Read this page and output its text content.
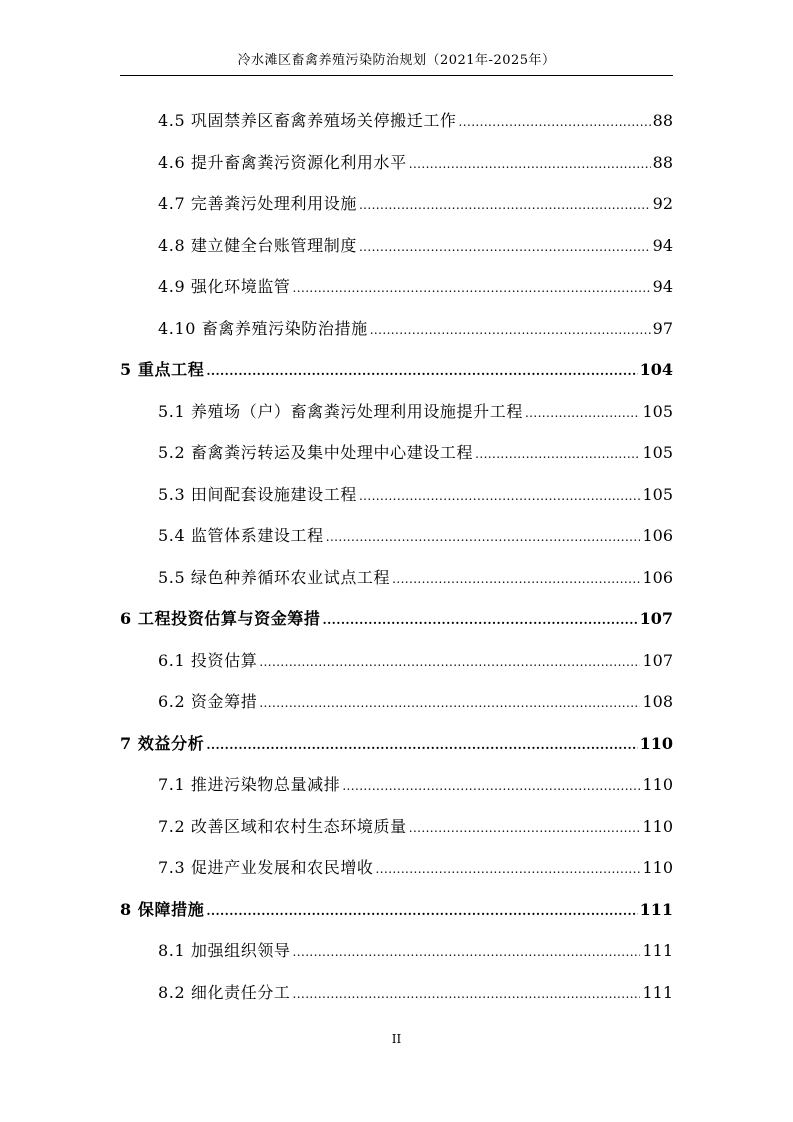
冷水滩区畜禽养殖污染防治规划（2021年-2025年）
4.5 巩固禁养区畜禽养殖场关停搬迁工作 .....	88
4.6 提升畜禽粪污资源化利用水平 .....	88
4.7 完善粪污处理利用设施 .....	92
4.8 建立健全台账管理制度 .....	94
4.9 强化环境监管 .....	94
4.10 畜禽养殖污染防治措施 .....	97
5 重点工程 .....	104
5.1 养殖场（户）畜禽粪污处理利用设施提升工程 .....	105
5.2 畜禽粪污转运及集中处理中心建设工程 .....	105
5.3 田间配套设施建设工程 .....	105
5.4 监管体系建设工程 .....	106
5.5 绿色种养循环农业试点工程 .....	106
6 工程投资估算与资金筹措 .....	107
6.1 投资估算 .....	107
6.2 资金筹措 .....	108
7 效益分析 .....	110
7.1 推进污染物总量减排 .....	110
7.2 改善区域和农村生态环境质量 .....	110
7.3 促进产业发展和农民增收 .....	110
8 保障措施 .....	111
8.1 加强组织领导 .....	111
8.2 细化责任分工 .....	111
II
